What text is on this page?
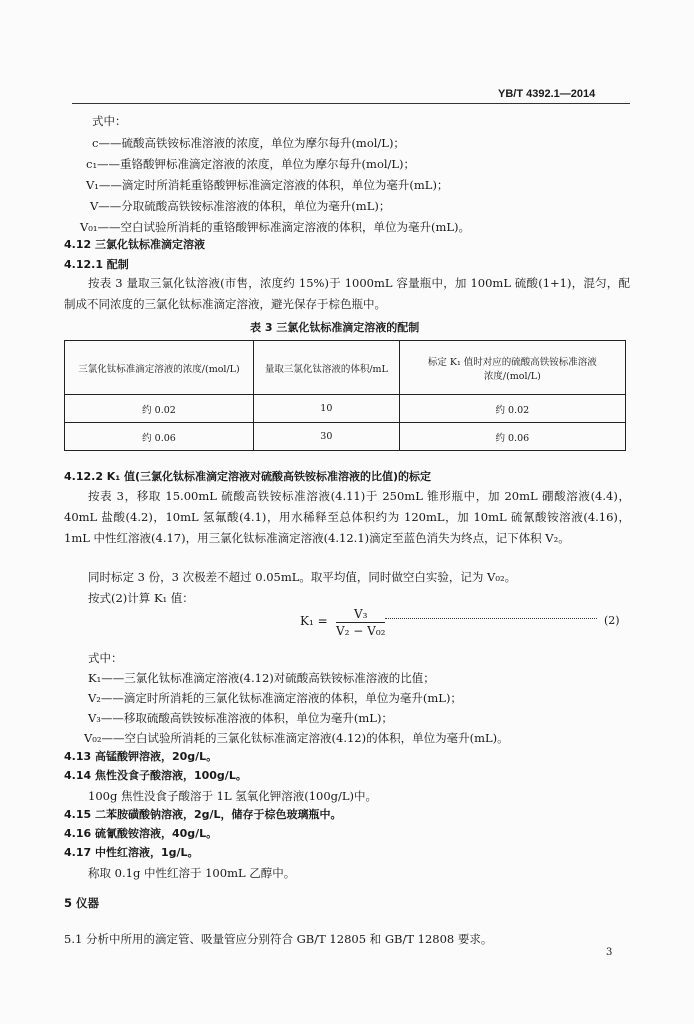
YB/T 4392.1—2014
式中：
c——硫酸高铁铵标准溶液的浓度，单位为摩尔每升(mol/L)；
c₁——重铬酸钾标准滴定溶液的浓度，单位为摩尔每升(mol/L)；
V₁——滴定时所消耗重铬酸钾标准滴定溶液的体积，单位为毫升(mL)；
V——分取硫酸高铁铵标准溶液的体积，单位为毫升(mL)；
V₀₁——空白试验所消耗的重铬酸钾标准滴定溶液的体积，单位为毫升(mL)。
4.12 三氯化钛标准滴定溶液
4.12.1 配制
按表 3 量取三氯化钛溶液(市售，浓度约 15%)于 1000mL 容量瓶中，加 100mL 硫酸(1+1)，混匀，配制成不同浓度的三氯化钛标准滴定溶液，避光保存于棕色瓶中。
表 3 三氯化钛标准滴定溶液的配制
三氯化钛标准滴定溶液的浓度/(mol/L)	量取三氯化钛溶液的体积/mL	标定 K₁ 值时对应的硫酸高铁铵标准溶液浓度/(mol/L)
约 0.02	10	约 0.02
约 0.06	30	约 0.06
4.12.2 K₁ 值(三氯化钛标准滴定溶液对硫酸高铁铵标准溶液的比值)的标定
按表 3，移取 15.00mL 硫酸高铁铵标准溶液(4.11)于 250mL 锥形瓶中，加 20mL 硼酸溶液(4.4)，40mL 盐酸(4.2)，10mL 氢氟酸(4.1)，用水稀释至总体积约为 120mL，加 10mL 硫氰酸铵溶液(4.16)，1mL 中性红溶液(4.17)，用三氯化钛标准滴定溶液(4.12.1)滴定至蓝色消失为终点，记下体积 V₂。
同时标定 3 份，3 次极差不超过 0.05mL。取平均值，同时做空白实验，记为 V₀₂。
按式(2)计算 K₁ 值：
$K_1 = \frac{\text{V₃}}{\text{V₂ − V₀₂}}$	(2)
式中：
K₁——三氯化钛标准滴定溶液(4.12)对硫酸高铁铵标准溶液的比值；
V₂——滴定时所消耗的三氯化钛标准滴定溶液的体积，单位为毫升(mL)；
V₃——移取硫酸高铁铵标准溶液的体积，单位为毫升(mL)；
V₀₂——空白试验所消耗的三氯化钛标准滴定溶液(4.12)的体积，单位为毫升(mL)。
4.13 高锰酸钾溶液，20g/L。
4.14 焦性没食子酸溶液，100g/L。
100g 焦性没食子酸溶于 1L 氢氧化钾溶液(100g/L)中。
4.15 二苯胺磺酸钠溶液，2g/L，储存于棕色玻璃瓶中。
4.16 硫氰酸铵溶液，40g/L。
4.17 中性红溶液，1g/L。
称取 0.1g 中性红溶于 100mL 乙醇中。
5 仪器
5.1 分析中所用的滴定管、吸量管应分别符合 GB/T 12805 和 GB/T 12808 要求。
3
